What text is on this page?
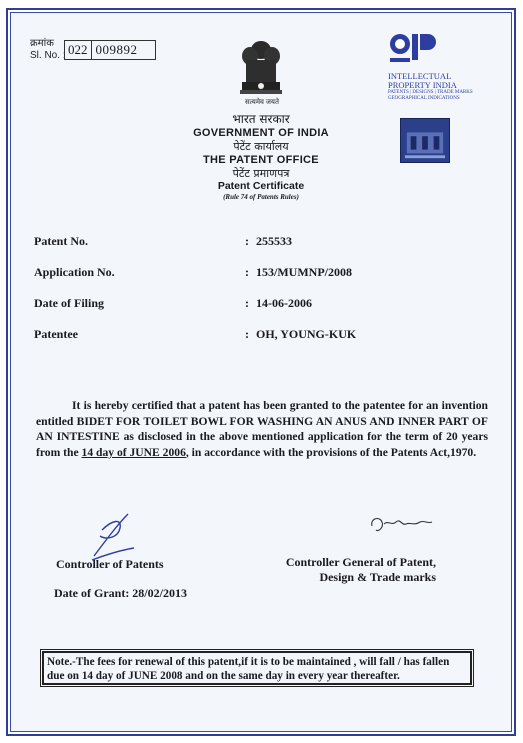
क्रमांक
Sl. No. : 022 009892
सत्यमेव जयते
INTELLECTUAL
PROPERTY INDIA
PATENTS | DESIGNS | TRADE MARKS
GEOGRAPHICAL INDICATIONS
भारत सरकार
GOVERNMENT OF INDIA
पेटेंट कार्यालय
THE PATENT OFFICE
पेटेंट प्रमाणपत्र
Patent Certificate
(Rule 74 of Patents Rules)
Patent No.	: 255533
Application No.	: 153/MUMNP/2008
Date of Filing	: 14-06-2006
Patentee	: OH, YOUNG-KUK
It is hereby certified that a patent has been granted to the patentee for an invention entitled BIDET FOR TOILET BOWL FOR WASHING AN ANUS AND INNER PART OF AN INTESTINE as disclosed in the above mentioned application for the term of 20 years from the 14 day of JUNE 2006, in accordance with the provisions of the Patents Act,1970.
Controller of Patents	Controller General of Patent,
Design & Trade marks
Date of Grant: 28/02/2013
Note.-The fees for renewal of this patent,if it is to be maintained , will fall / has fallen due on 14 day of JUNE 2008 and on the same day in every year thereafter.
